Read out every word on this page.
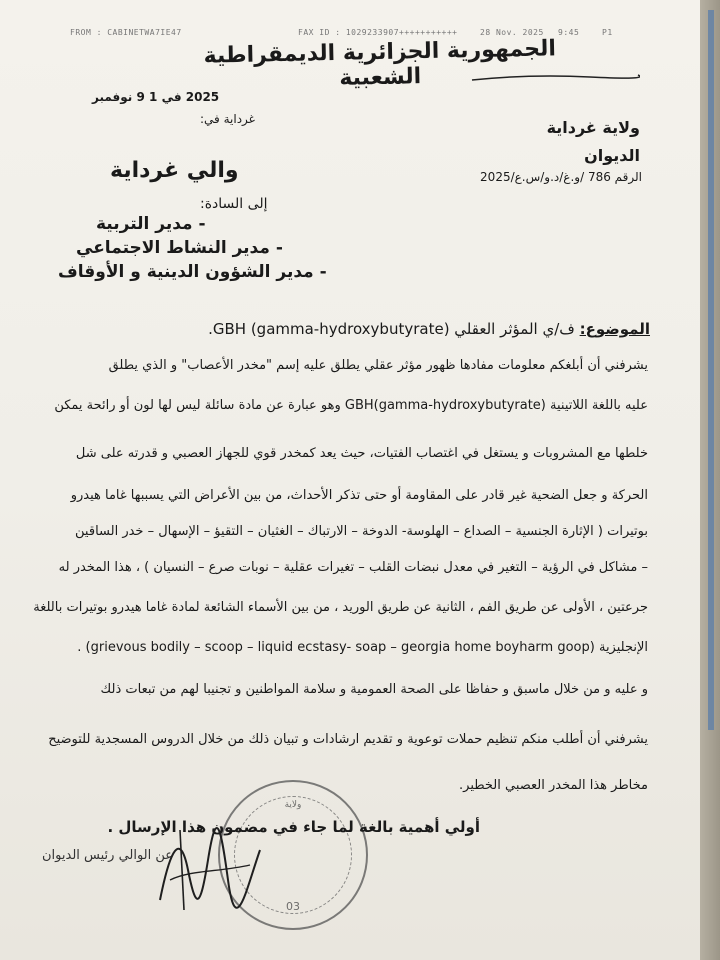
FROM : CABINETWA7IE47	FAX ID : 1029233907+++++++++++	28 Nov. 2025 9:45	P1
الجمهورية الجزائرية الديمقراطية الشعبية
2025 في 1 9 نوفمبر
غرداية في:	ولاية غرداية
الديوان
الرقم 786 /و.غ/د.و/س.ع/2025
والي غرداية
إلى السادة:
- مدير التربية
- مدير النشاط الاجتماعي
- مدير الشؤون الدينية و الأوقاف
الموضوع: ف/ي المؤثر العقلي (gamma-hydroxybutyrate) GBH.
يشرفني أن أبلغكم معلومات مفادها ظهور مؤثر عقلي يطلق عليه إسم "مخدر الأعصاب" و الذي يطلق
عليه باللغة اللاتينية (GBH(gamma-hydroxybutyrate وهو عبارة عن مادة سائلة ليس لها لون أو رائحة يمكن
خلطها مع المشروبات و يستغل في اغتصاب الفتيات، حيث يعد كمخدر قوي للجهاز العصبي و قدرته على شل
الحركة و جعل الضحية غير قادر على المقاومة أو حتى تذكر الأحداث، من بين الأعراض التي يسببها غاما هيدرو
بوتيرات ( الإثارة الجنسية – الصداع – الهلوسة- الدوخة – الارتباك – الغثيان – التقيؤ – الإسهال – خدر الساقين
– مشاكل في الرؤية – التغير في معدل نبضات القلب – تغيرات عقلية – نوبات صرع – النسيان ) ، هذا المخدر له
جرعتين ، الأولى عن طريق الفم ، الثانية عن طريق الوريد ، من بين الأسماء الشائعة لمادة غاما هيدرو بوتيرات باللغة
الإنجليزية (grievous bodily – scoop – liquid ecstasy- soap – georgia home boyharm goop) .
و عليه و من خلال ماسبق و حفاظا على الصحة العمومية و سلامة المواطنين و تجنيبا لهم من تبعات ذلك
يشرفني أن أطلب منكم تنظيم حملات توعوية و تقديم ارشادات و تبيان ذلك من خلال الدروس المسجدية للتوضيح
مخاطر هذا المخدر العصبي الخطير.
ولاية
03
أولي أهمية بالغة لما جاء في مضمون هذا الإرسال .
عن الوالي رئيس الديوان
